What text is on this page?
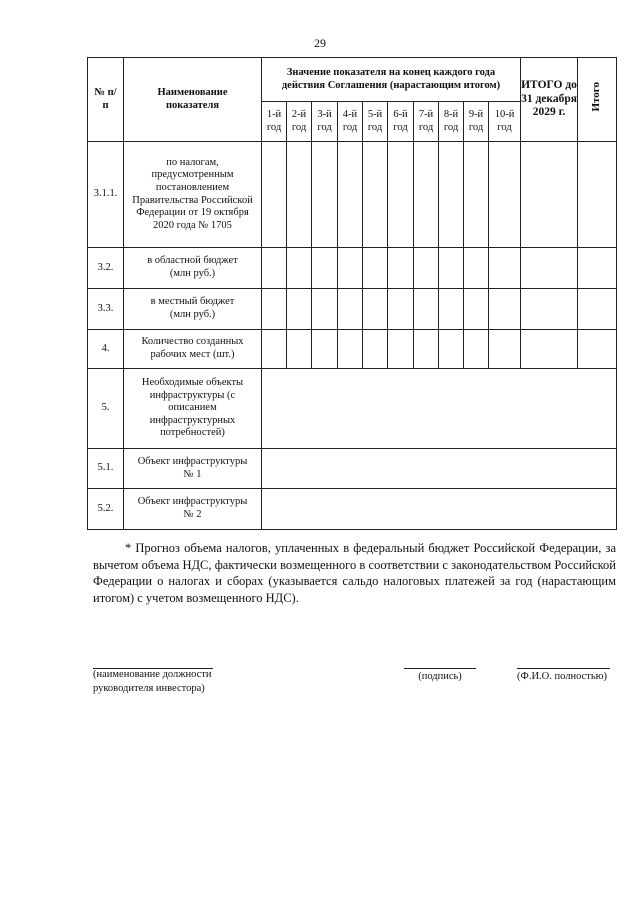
29
№ п/п	Наименование показателя	Значение показателя на конец каждого года действия Соглашения (нарастающим итогом)										ИТОГО до 31 декабря 2029 г.	Итого
		1-й год	2-й год	3-й год	4-й год	5-й год	6-й год	7-й год	8-й год	9-й год	10-й год		
3.1.1.	по налогам, предусмотренным постановлением Правительства Российской Федерации от 19 октября 2020 года № 1705												
3.2.	в областной бюджет (млн руб.)												
3.3.	в местный бюджет (млн руб.)												
4.	Количество созданных рабочих мест (шт.)												
5.	Необходимые объекты инфраструктуры (с описанием инфраструктурных потребностей)												
5.1.	Объект инфраструктуры № 1												
5.2.	Объект инфраструктуры № 2												

* Прогноз объема налогов, уплаченных в федеральный бюджет Российской Федерации, за вычетом объема НДС, фактически возмещенного в соответствии с законодательством Российской Федерации о налогах и сборах (указывается сальдо налоговых платежей за год (нарастающим итогом) с учетом возмещенного НДС).

(наименование должности
руководителя инвестора)
(подпись)	(Ф.И.О. полностью)
